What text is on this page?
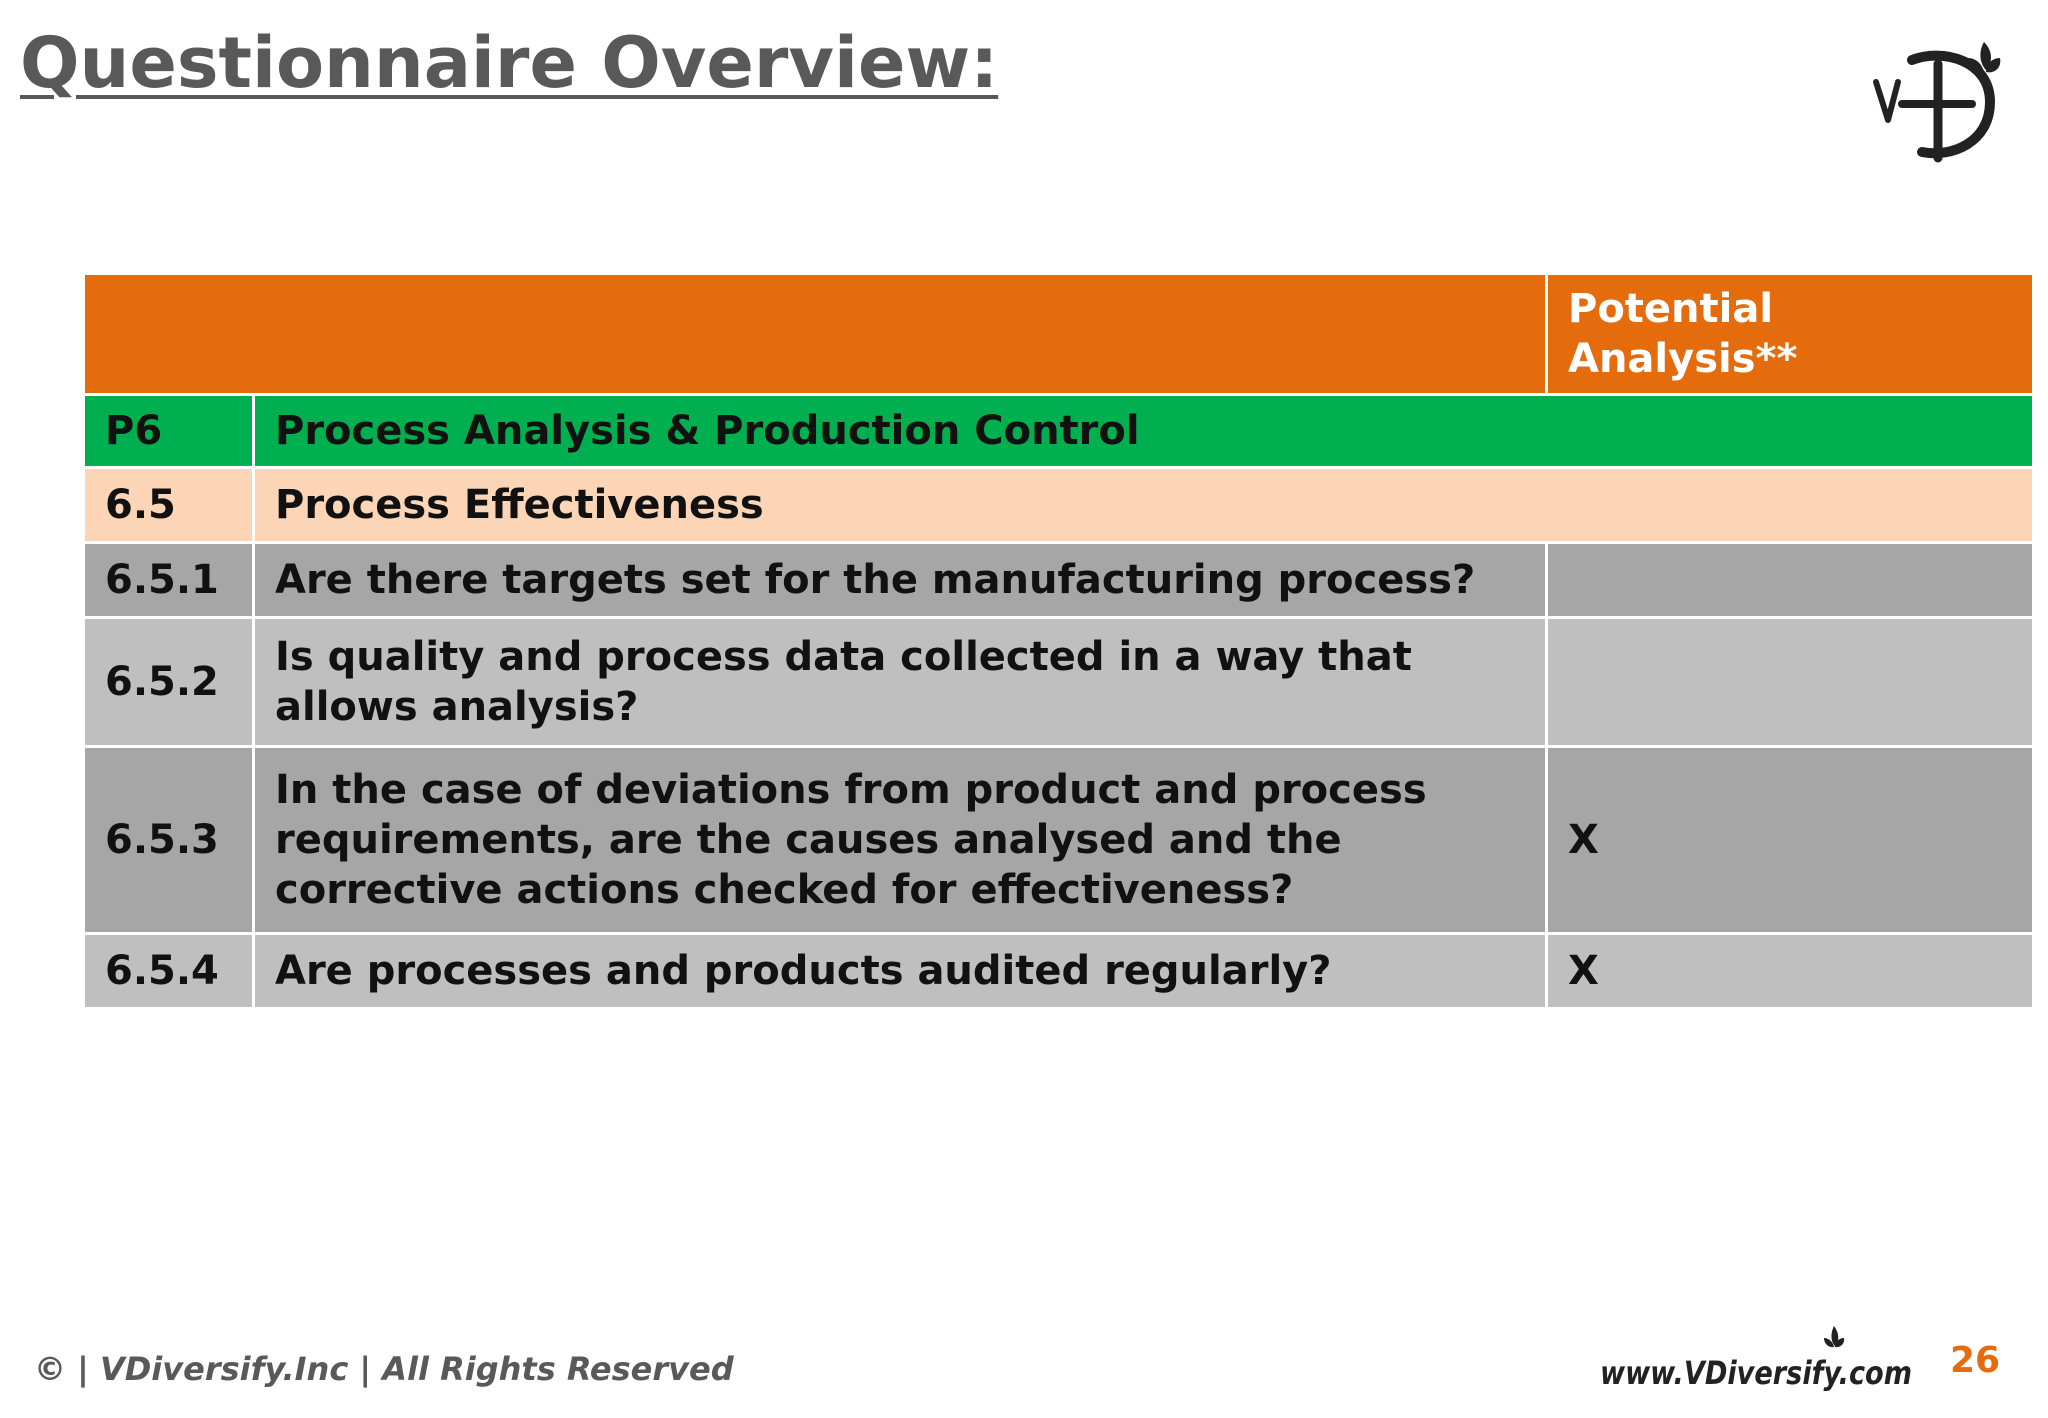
Questionnaire Overview:
		Potential Analysis**
P6	Process Analysis & Production Control	
6.5	Process Effectiveness	
6.5.1	Are there targets set for the manufacturing process?	
6.5.2	Is quality and process data collected in a way that allows analysis?	
6.5.3	In the case of deviations from product and process requirements, are the causes analysed and the corrective actions checked for effectiveness?	X
6.5.4	Are processes and products audited regularly?	X
© | VDiversify.Inc | All Rights Reserved	www.VDiversify.com 26
